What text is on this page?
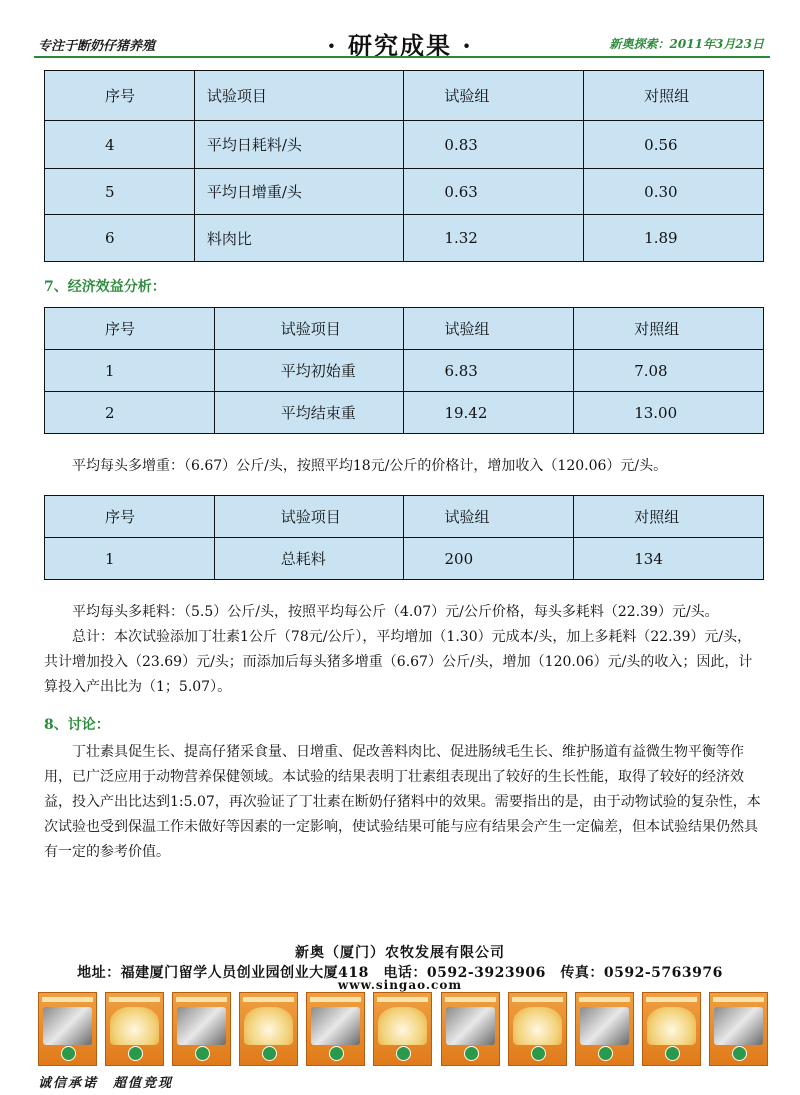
专注于断奶仔猪养殖	· 研究成果 ·	新奥探索：2011年3月23日
序号	试验项目	试验组	对照组
4	平均日耗料/头	0.83	0.56
5	平均日增重/头	0.63	0.30
6	料肉比	1.32	1.89
7、经济效益分析：
序号	试验项目	试验组	对照组
1	平均初始重	6.83	7.08
2	平均结束重	19.42	13.00
平均每头多增重：（6.67）公斤/头，按照平均18元/公斤的价格计，增加收入（120.06）元/头。
序号	试验项目	试验组	对照组
1	总耗料	200	134
平均每头多耗料：（5.5）公斤/头，按照平均每公斤（4.07）元/公斤价格，每头多耗料（22.39）元/头。
总计：本次试验添加丁壮素1公斤（78元/公斤），平均增加（1.30）元成本/头，加上多耗料（22.39）元/头，共计增加投入（23.69）元/头；而添加后每头猪多增重（6.67）公斤/头，增加（120.06）元/头的收入；因此，计算投入产出比为（1；5.07）。
8、讨论：
丁壮素具促生长、提高仔猪采食量、日增重、促改善料肉比、促进肠绒毛生长、维护肠道有益微生物平衡等作用，已广泛应用于动物营养保健领域。本试验的结果表明丁壮素组表现出了较好的生长性能，取得了较好的经济效益，投入产出比达到1:5.07，再次验证了丁壮素在断奶仔猪料中的效果。需要指出的是，由于动物试验的复杂性，本次试验也受到保温工作未做好等因素的一定影响，使试验结果可能与应有结果会产生一定偏差，但本试验结果仍然具有一定的参考价值。
新奥（厦门）农牧发展有限公司
地址：福建厦门留学人员创业园创业大厦418　电话：0592-3923906　传真：0592-5763976
www.singao.com
诚信承诺　超值竞现
